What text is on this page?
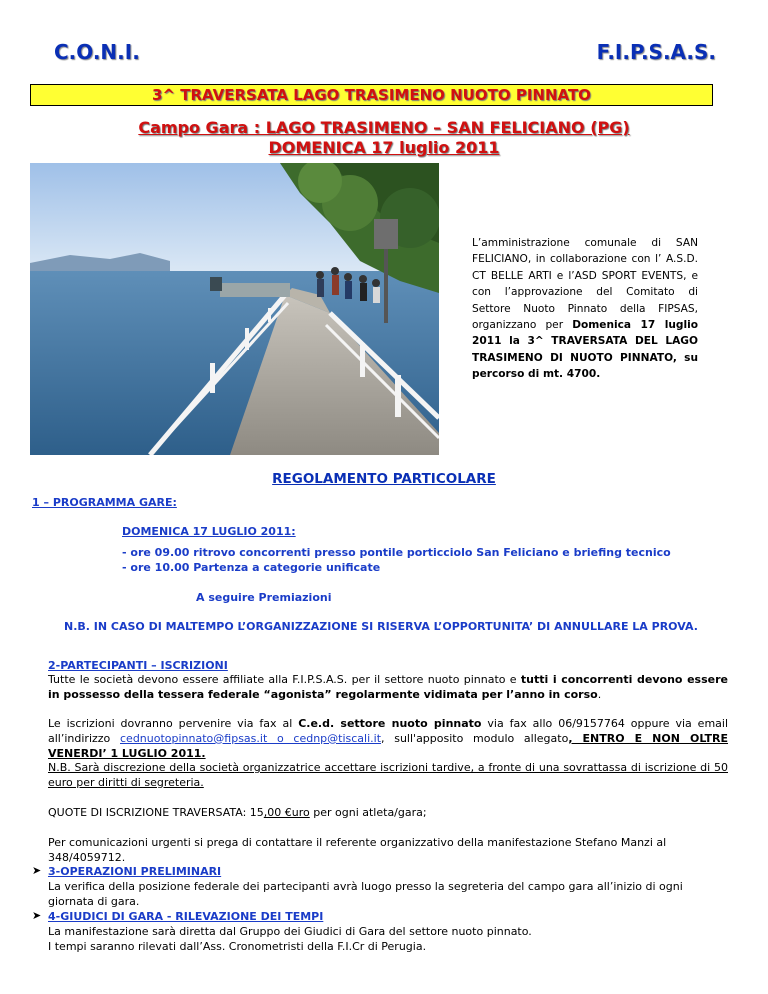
C.O.N.I.	F.I.P.S.A.S.
3^ TRAVERSATA LAGO TRASIMENO NUOTO PINNATO
Campo Gara : LAGO TRASIMENO – SAN FELICIANO (PG)
DOMENICA 17 luglio 2011
L’amministrazione comunale di SAN FELICIANO, in collaborazione con l’ A.S.D. CT BELLE ARTI e l’ASD SPORT EVENTS, e con l’approvazione del Comitato di Settore Nuoto Pinnato della FIPSAS, organizzano per Domenica 17 luglio 2011 la 3^ TRAVERSATA DEL LAGO TRASIMENO DI NUOTO PINNATO, su percorso di mt. 4700.
REGOLAMENTO PARTICOLARE
1 – PROGRAMMA GARE:
DOMENICA 17 LUGLIO 2011:
- ore 09.00 ritrovo concorrenti presso pontile porticciolo San Feliciano e briefing tecnico
- ore 10.00 Partenza a categorie unificate
A seguire Premiazioni
N.B. IN CASO DI MALTEMPO L’ORGANIZZAZIONE SI RISERVA L’OPPORTUNITA’ DI ANNULLARE LA PROVA.
2-PARTECIPANTI – ISCRIZIONI
Tutte le società devono essere affiliate alla F.I.P.S.A.S. per il settore nuoto pinnato e tutti i concorrenti devono essere in possesso della tessera federale “agonista” regolarmente vidimata per l’anno in corso.
Le iscrizioni dovranno pervenire via fax al C.e.d. settore nuoto pinnato via fax allo 06/9157764 oppure via email all’indirizzo cednuotopinnato@fipsas.it o cednp@tiscali.it, sull'apposito modulo allegato, ENTRO E NON OLTRE VENERDI’ 1 LUGLIO 2011.
N.B. Sarà discrezione della società organizzatrice accettare iscrizioni tardive, a fronte di una sovrattassa di iscrizione di 50 euro per diritti di segreteria.
QUOTE DI ISCRIZIONE TRAVERSATA: 15,00 €uro per ogni atleta/gara;
Per comunicazioni urgenti si prega di contattare il referente organizzativo della manifestazione Stefano Manzi al 348/4059712.
➤ 3-OPERAZIONI PRELIMINARI
La verifica della posizione federale dei partecipanti avrà luogo presso la segreteria del campo gara all’inizio di ogni giornata di gara.
➤ 4-GIUDICI DI GARA - RILEVAZIONE DEI TEMPI
La manifestazione sarà diretta dal Gruppo dei Giudici di Gara del settore nuoto pinnato.
I tempi saranno rilevati dall’Ass. Cronometristi della F.I.Cr di Perugia.
